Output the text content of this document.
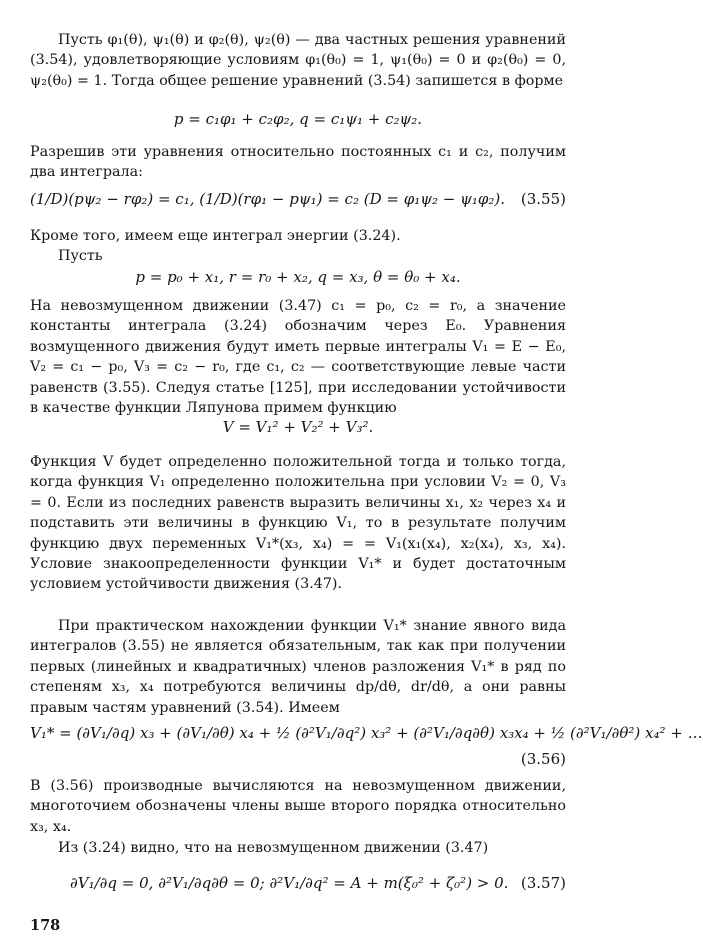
Пусть φ₁(θ), ψ₁(θ) и φ₂(θ), ψ₂(θ) — два частных решения уравнений (3.54), удовлетворяющие условиям φ₁(θ₀) = 1, ψ₁(θ₀) = 0 и φ₂(θ₀) = 0, ψ₂(θ₀) = 1. Тогда общее решение уравнений (3.54) запишется в форме
p = c₁φ₁ + c₂φ₂, q = c₁ψ₁ + c₂ψ₂.
Разрешив эти уравнения относительно постоянных c₁ и c₂, получим два интеграла:
(1/D)(pψ₂ − rφ₂) = c₁, (1/D)(rφ₁ − pψ₁) = c₂ (D = φ₁ψ₂ − ψ₁φ₂). (3.55)
Кроме того, имеем еще интеграл энергии (3.24).
Пусть
p = p₀ + x₁, r = r₀ + x₂, q = x₃, θ = θ₀ + x₄.
На невозмущенном движении (3.47) c₁ = p₀, c₂ = r₀, а значение константы интеграла (3.24) обозначим через E₀. Уравнения возмущенного движения будут иметь первые интегралы V₁ = E − E₀, V₂ = c₁ − p₀, V₃ = c₂ − r₀, где c₁, c₂ — соответствующие левые части равенств (3.55). Следуя статье [125], при исследовании устойчивости в качестве функции Ляпунова примем функцию
V = V₁² + V₂² + V₃².
Функция V будет определенно положительной тогда и только тогда, когда функция V₁ определенно положительна при условии V₂ = 0, V₃ = 0. Если из последних равенств выразить величины x₁, x₂ через x₄ и подставить эти величины в функцию V₁, то в результате получим функцию двух переменных V₁*(x₃, x₄) = = V₁(x₁(x₄), x₂(x₄), x₃, x₄). Условие знакоопределенности функции V₁* и будет достаточным условием устойчивости движения (3.47).
При практическом нахождении функции V₁* знание явного вида интегралов (3.55) не является обязательным, так как при получении первых (линейных и квадратичных) членов разложения V₁* в ряд по степеням x₃, x₄ потребуются величины dp/dθ, dr/dθ, а они равны правым частям уравнений (3.54). Имеем
V₁* = (∂V₁/∂q) x₃ + (∂V₁/∂θ) x₄ + ½ (∂²V₁/∂q²) x₃² + (∂²V₁/∂q∂θ) x₃x₄ + ½ (∂²V₁/∂θ²) x₄² + …
(3.56)
В (3.56) производные вычисляются на невозмущенном движении, многоточием обозначены члены выше второго порядка относительно x₃, x₄.
Из (3.24) видно, что на невозмущенном движении (3.47)
∂V₁/∂q = 0, ∂²V₁/∂q∂θ = 0; ∂²V₁/∂q² = A + m(ξ₀² + ζ₀²) > 0. (3.57)
178
